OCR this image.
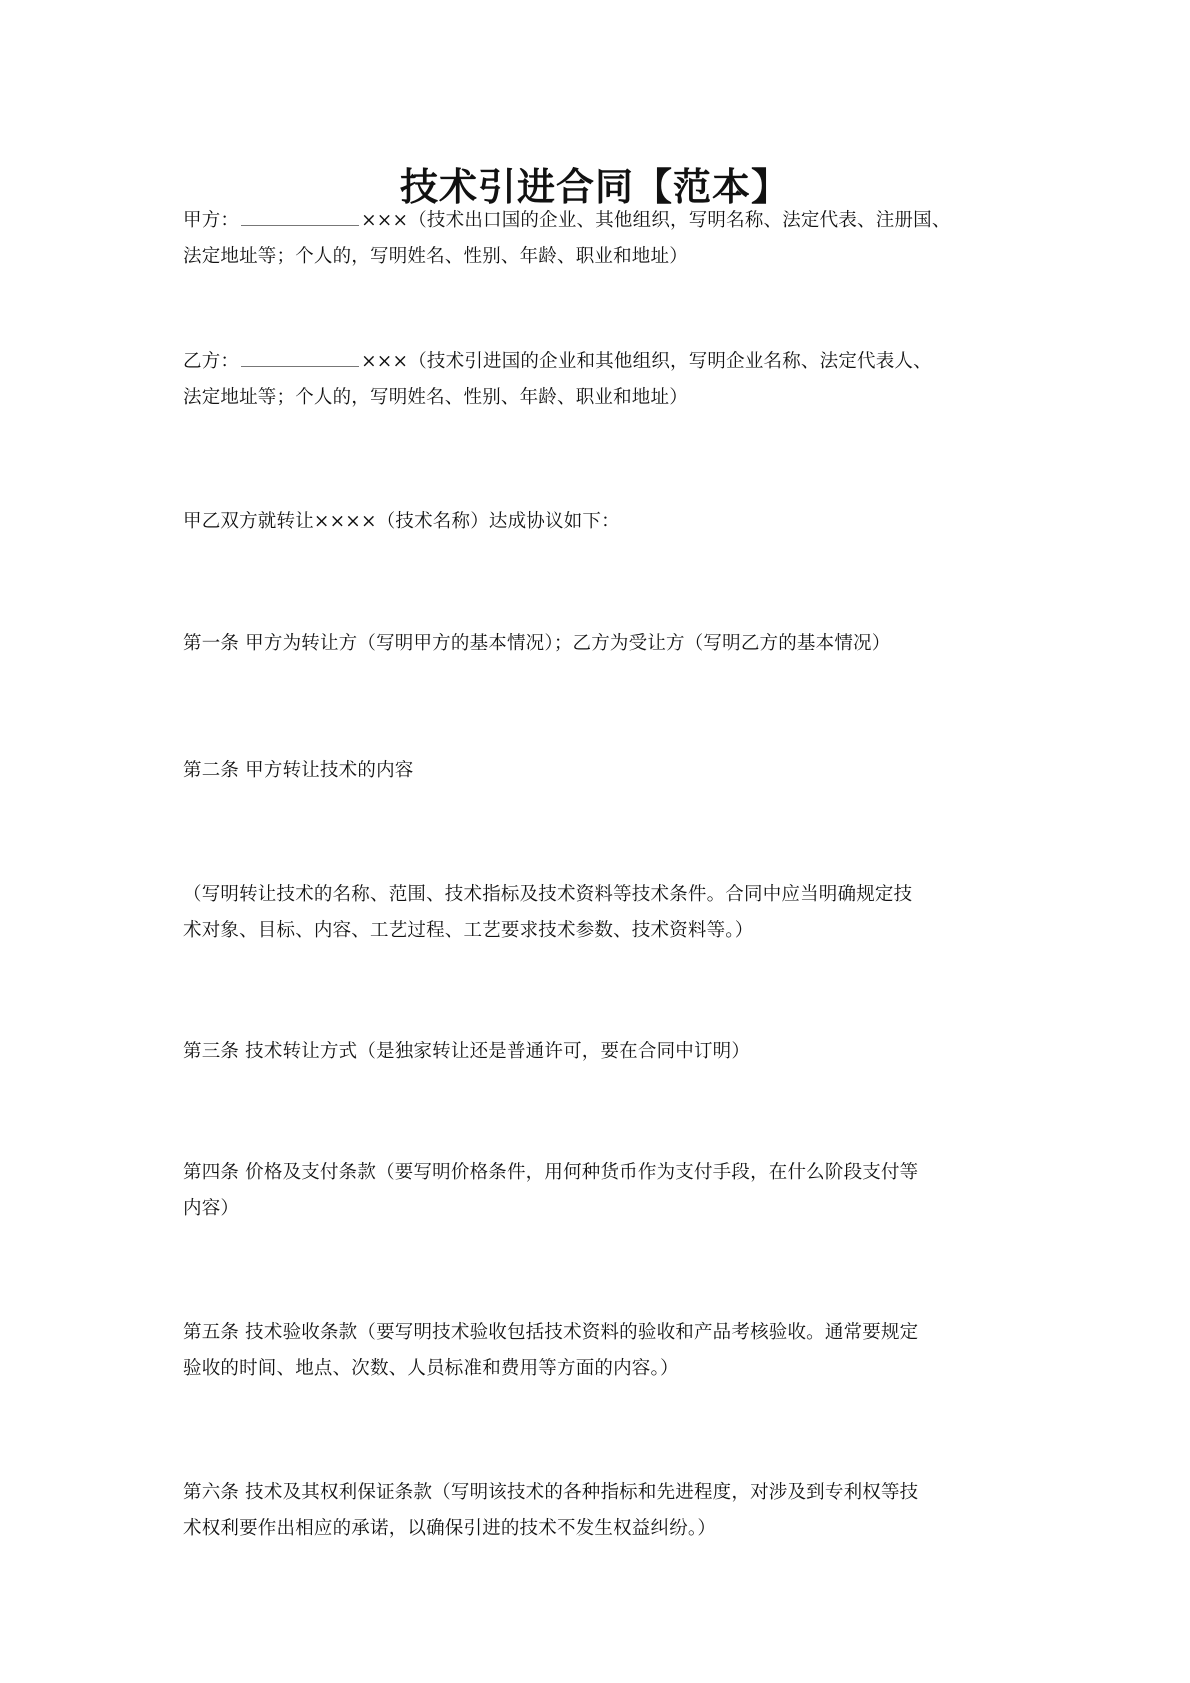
技术引进合同【范本】
甲方：	×××（技术出口国的企业、其他组织，写明名称、法定代表、注册国、
法定地址等；个人的，写明姓名、性别、年龄、职业和地址）
乙方：	×××（技术引进国的企业和其他组织，写明企业名称、法定代表人、
法定地址等；个人的，写明姓名、性别、年龄、职业和地址）
甲乙双方就转让××××（技术名称）达成协议如下：
第一条 甲方为转让方（写明甲方的基本情况）；乙方为受让方（写明乙方的基本情况）
第二条 甲方转让技术的内容
（写明转让技术的名称、范围、技术指标及技术资料等技术条件。合同中应当明确规定技
术对象、目标、内容、工艺过程、工艺要求技术参数、技术资料等。）
第三条 技术转让方式（是独家转让还是普通许可，要在合同中订明）
第四条 价格及支付条款（要写明价格条件，用何种货币作为支付手段，在什么阶段支付等
内容）
第五条 技术验收条款（要写明技术验收包括技术资料的验收和产品考核验收。通常要规定
验收的时间、地点、次数、人员标准和费用等方面的内容。）
第六条 技术及其权利保证条款（写明该技术的各种指标和先进程度，对涉及到专利权等技
术权利要作出相应的承诺，以确保引进的技术不发生权益纠纷。）
